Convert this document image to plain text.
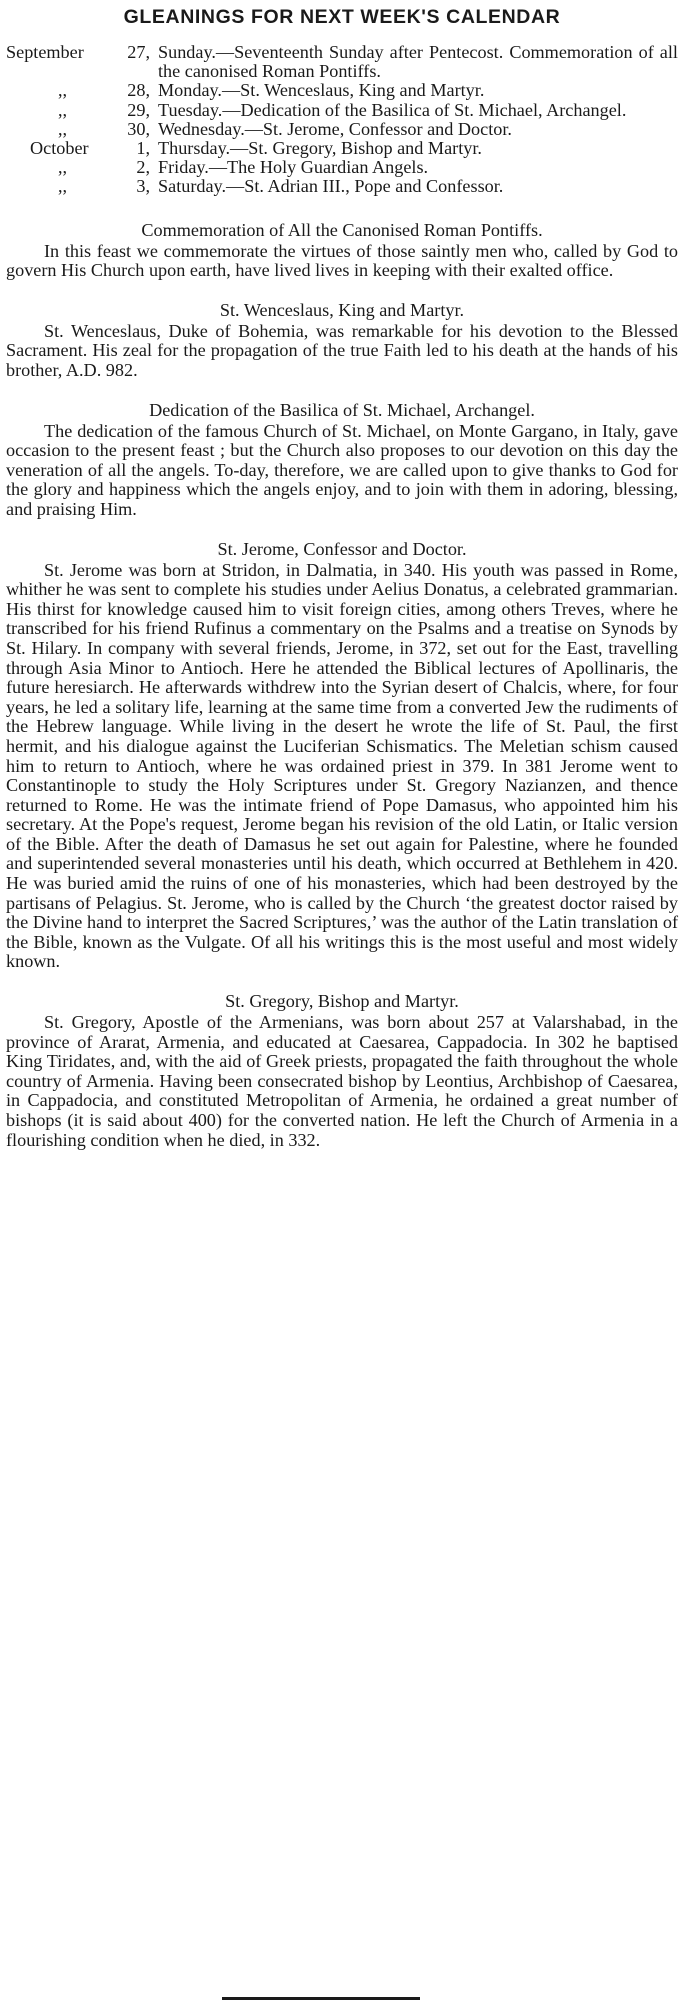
GLEANINGS FOR NEXT WEEK'S CALENDAR
September	27, Sunday.—Seventeenth Sunday after Pentecost. Commemoration of all the canonised Roman Pontiffs.
,,	28, Monday.—St. Wenceslaus, King and Martyr.
,,	29, Tuesday.—Dedication of the Basilica of St. Michael, Archangel.
,,	30, Wednesday.—St. Jerome, Confessor and Doctor.
October	1, Thursday.—St. Gregory, Bishop and Martyr.
,,	2, Friday.—The Holy Guardian Angels.
,,	3, Saturday.—St. Adrian III., Pope and Confessor.
Commemoration of All the Canonised Roman Pontiffs.

In this feast we commemorate the virtues of those saintly men who, called by God to govern His Church upon earth, have lived lives in keeping with their exalted office.

St. Wenceslaus, King and Martyr.

St. Wenceslaus, Duke of Bohemia, was remarkable for his devotion to the Blessed Sacrament. His zeal for the propagation of the true Faith led to his death at the hands of his brother, A.D. 982.

Dedication of the Basilica of St. Michael, Archangel.

The dedication of the famous Church of St. Michael, on Monte Gargano, in Italy, gave occasion to the present feast ; but the Church also proposes to our devotion on this day the veneration of all the angels. To-day, therefore, we are called upon to give thanks to God for the glory and happiness which the angels enjoy, and to join with them in adoring, blessing, and praising Him.

St. Jerome, Confessor and Doctor.

St. Jerome was born at Stridon, in Dalmatia, in 340. His youth was passed in Rome, whither he was sent to complete his studies under Aelius Donatus, a celebrated grammarian. His thirst for knowledge caused him to visit foreign cities, among others Treves, where he transcribed for his friend Rufinus a commentary on the Psalms and a treatise on Synods by St. Hilary. In company with several friends, Jerome, in 372, set out for the East, travelling through Asia Minor to Antioch. Here he attended the Biblical lectures of Apollinaris, the future heresiarch. He afterwards withdrew into the Syrian desert of Chalcis, where, for four years, he led a solitary life, learning at the same time from a converted Jew the rudiments of the Hebrew language. While living in the desert he wrote the life of St. Paul, the first hermit, and his dialogue against the Luciferian Schismatics. The Meletian schism caused him to return to Antioch, where he was ordained priest in 379. In 381 Jerome went to Constantinople to study the Holy Scriptures under St. Gregory Nazianzen, and thence returned to Rome. He was the intimate friend of Pope Damasus, who appointed him his secretary. At the Pope's request, Jerome began his revision of the old Latin, or Italic version of the Bible. After the death of Damasus he set out again for Palestine, where he founded and superintended several monasteries until his death, which occurred at Bethlehem in 420. He was buried amid the ruins of one of his monasteries, which had been destroyed by the partisans of Pelagius. St. Jerome, who is called by the Church ‘the greatest doctor raised by the Divine hand to interpret the Sacred Scriptures,’ was the author of the Latin translation of the Bible, known as the Vulgate. Of all his writings this is the most useful and most widely known.

St. Gregory, Bishop and Martyr.

St. Gregory, Apostle of the Armenians, was born about 257 at Valarshabad, in the province of Ararat, Armenia, and educated at Caesarea, Cappadocia. In 302 he baptised King Tiridates, and, with the aid of Greek priests, propagated the faith throughout the whole country of Armenia. Having been consecrated bishop by Leontius, Archbishop of Caesarea, in Cappadocia, and constituted Metropolitan of Armenia, he ordained a great number of bishops (it is said about 400) for the converted nation. He left the Church of Armenia in a flourishing condition when he died, in 332.
